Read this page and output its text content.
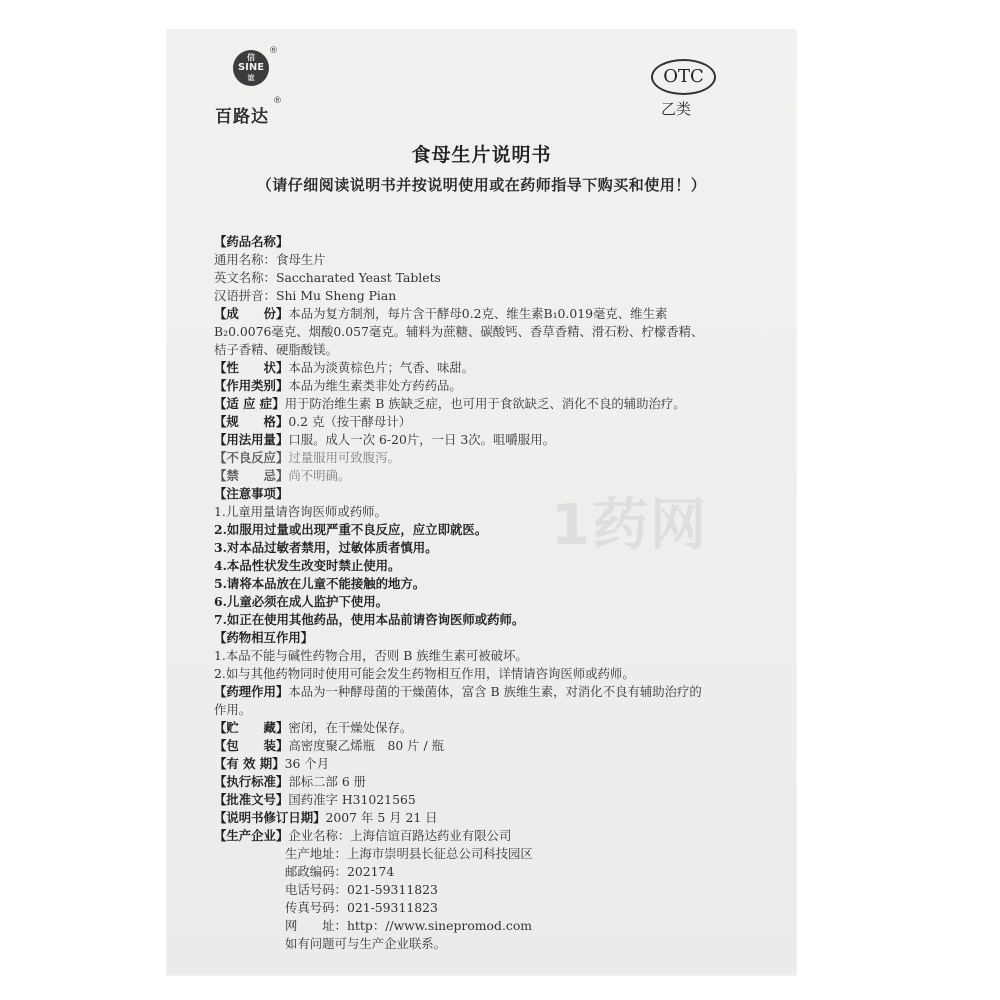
信
SINE
谊
®
百路达
®
OTC
乙类
食母生片说明书
（请仔细阅读说明书并按说明使用或在药师指导下购买和使用！）
1药网
【药品名称】
通用名称：食母生片
英文名称：Saccharated Yeast Tablets
汉语拼音：Shi Mu Sheng Pian
【成　　份】本品为复方制剂，每片含干酵母0.2克、维生素B₁0.019毫克、维生素
B₂0.0076毫克、烟酸0.057毫克。辅料为蔗糖、碳酸钙、香草香精、滑石粉、柠檬香精、
桔子香精、硬脂酸镁。
【性　　状】本品为淡黄棕色片；气香、味甜。
【作用类别】本品为维生素类非处方药药品。
【适 应 症】用于防治维生素 B 族缺乏症，也可用于食欲缺乏、消化不良的辅助治疗。
【规　　格】0.2 克（按干酵母计）
【用法用量】口服。成人一次 6-20片，一日 3次。咀嚼服用。
【不良反应】过量服用可致腹泻。
【禁　　忌】尚不明确。
【注意事项】
1.儿童用量请咨询医师或药师。
2.如服用过量或出现严重不良反应，应立即就医。
3.对本品过敏者禁用，过敏体质者慎用。
4.本品性状发生改变时禁止使用。
5.请将本品放在儿童不能接触的地方。
6.儿童必须在成人监护下使用。
7.如正在使用其他药品，使用本品前请咨询医师或药师。
【药物相互作用】
1.本品不能与碱性药物合用，否则 B 族维生素可被破坏。
2.如与其他药物同时使用可能会发生药物相互作用，详情请咨询医师或药师。
【药理作用】本品为一种酵母菌的干燥菌体，富含 B 族维生素，对消化不良有辅助治疗的
作用。
【贮　　藏】密闭，在干燥处保存。
【包　　装】高密度聚乙烯瓶　80 片 / 瓶
【有 效 期】36 个月
【执行标准】部标二部 6 册
【批准文号】国药准字 H31021565
【说明书修订日期】2007 年 5 月 21 日
【生产企业】企业名称：上海信谊百路达药业有限公司
生产地址：上海市崇明县长征总公司科技园区
邮政编码：202174
电话号码：021-59311823
传真号码：021-59311823
网　　址：http：//www.sinepromod.com
如有问题可与生产企业联系。
